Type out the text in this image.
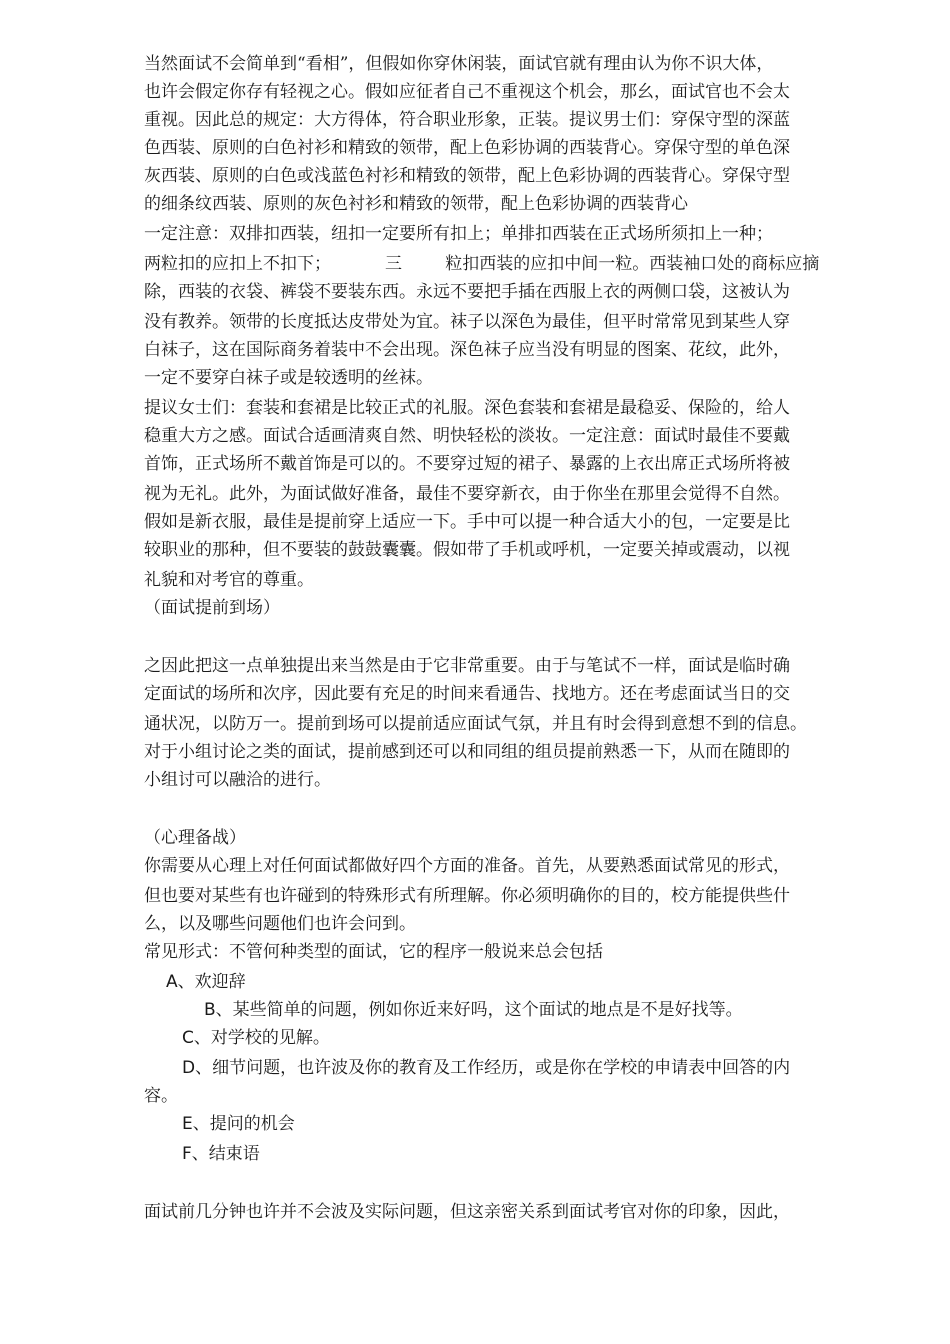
当然面试不会简单到“看相”，但假如你穿休闲装，面试官就有理由认为你不识大体，
也许会假定你存有轻视之心。假如应征者自己不重视这个机会，那幺，面试官也不会太
重视。因此总的规定：大方得体，符合职业形象，正装。提议男士们：穿保守型的深蓝
色西装、原则的白色衬衫和精致的领带，配上色彩协调的西装背心。穿保守型的单色深
灰西装、原则的白色或浅蓝色衬衫和精致的领带，配上色彩协调的西装背心。穿保守型
的细条纹西装、原则的灰色衬衫和精致的领带，配上色彩协调的西装背心
一定注意：双排扣西装，纽扣一定要所有扣上；单排扣西装在正式场所须扣上一种；
两粒扣的应扣上不扣下；          三        粒扣西装的应扣中间一粒。西装袖口处的商标应摘
除，西装的衣袋、裤袋不要装东西。永远不要把手插在西服上衣的两侧口袋，这被认为
没有教养。领带的长度抵达皮带处为宜。袜子以深色为最佳，但平时常常见到某些人穿
白袜子，这在国际商务着装中不会出现。深色袜子应当没有明显的图案、花纹，此外，
一定不要穿白袜子或是较透明的丝袜。
提议女士们：套装和套裙是比较正式的礼服。深色套装和套裙是最稳妥、保险的，给人
稳重大方之感。面试合适画清爽自然、明快轻松的淡妆。一定注意：面试时最佳不要戴
首饰，正式场所不戴首饰是可以的。不要穿过短的裙子、暴露的上衣出席正式场所将被
视为无礼。此外，为面试做好准备，最佳不要穿新衣，由于你坐在那里会觉得不自然。
假如是新衣服，最佳是提前穿上适应一下。手中可以提一种合适大小的包，一定要是比
较职业的那种，但不要装的鼓鼓囊囊。假如带了手机或呼机，一定要关掉或震动，以视
礼貌和对考官的尊重。
（面试提前到场）
之因此把这一点单独提出来当然是由于它非常重要。由于与笔试不一样，面试是临时确
定面试的场所和次序，因此要有充足的时间来看通告、找地方。还在考虑面试当日的交
通状况，以防万一。提前到场可以提前适应面试气氛，并且有时会得到意想不到的信息。
对于小组讨论之类的面试，提前感到还可以和同组的组员提前熟悉一下，从而在随即的
小组讨可以融洽的进行。
（心理备战）
你需要从心理上对任何面试都做好四个方面的准备。首先，从要熟悉面试常见的形式，
但也要对某些有也许碰到的特殊形式有所理解。你必须明确你的目的，校方能提供些什
么，以及哪些问题他们也许会问到。
常见形式：不管何种类型的面试，它的程序一般说来总会包括
A、欢迎辞
B、某些简单的问题，例如你近来好吗，这个面试的地点是不是好找等。
C、对学校的见解。
D、细节问题，也许波及你的教育及工作经历，或是你在学校的申请表中回答的内
容。
E、提问的机会
F、结束语
面试前几分钟也许并不会波及实际问题，但这亲密关系到面试考官对你的印象，因此，
